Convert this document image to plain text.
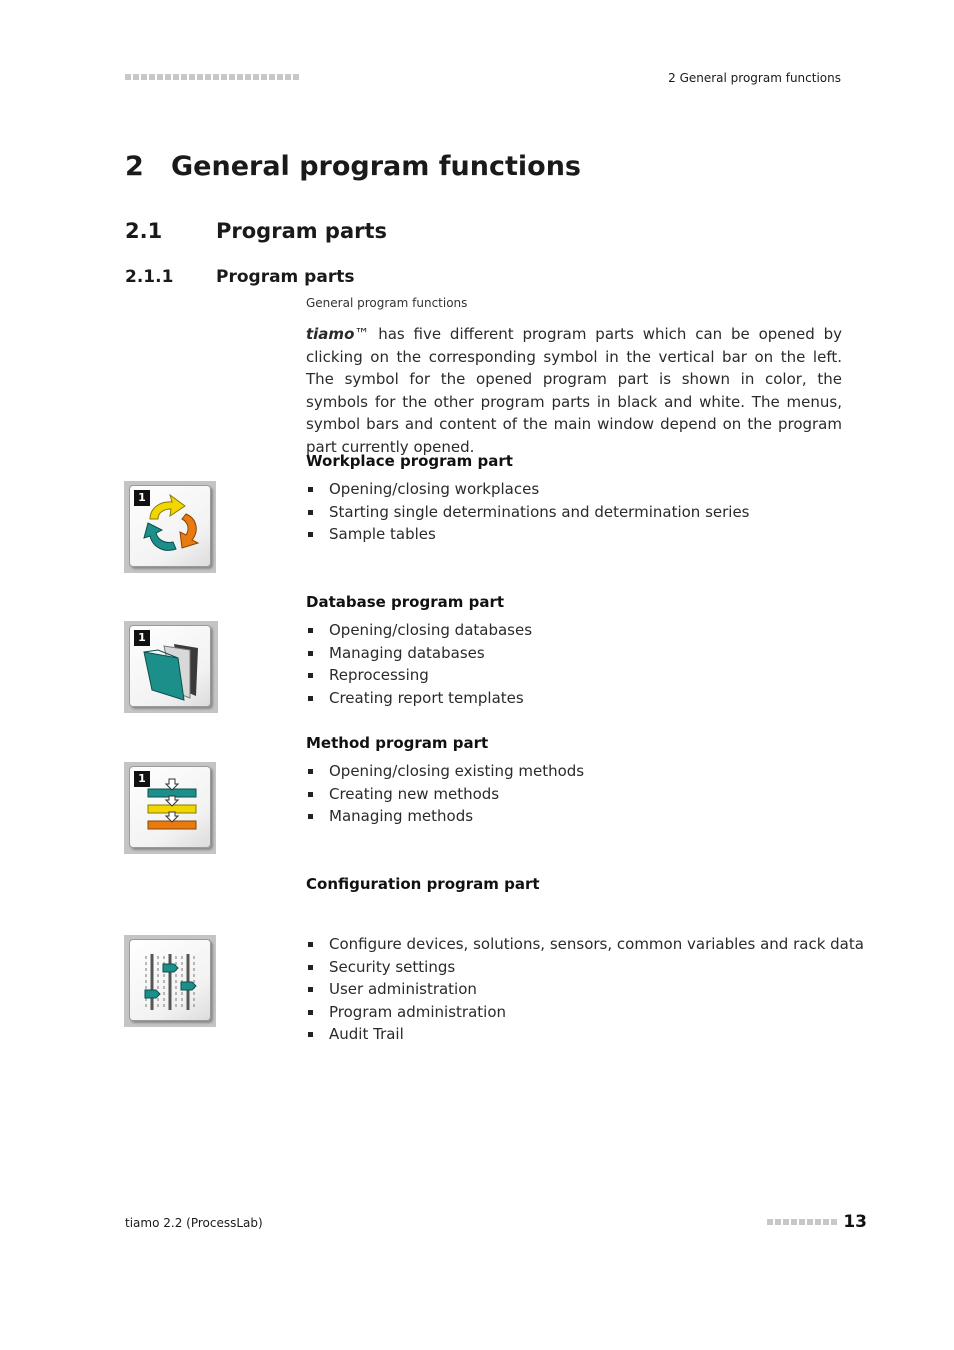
2 General program functions
2 General program functions
2.1	Program parts
2.1.1	Program parts
General program functions
tiamo™ has five different program parts which can be opened by clicking on the corresponding symbol in the vertical bar on the left. The symbol for the opened program part is shown in color, the symbols for the other program parts in black and white. The menus, symbol bars and content of the main window depend on the program part currently opened.
1
Workplace program part
Opening/closing workplaces
Starting single determinations and determination series
Sample tables
1
Database program part
Opening/closing databases
Managing databases
Reprocessing
Creating report templates
1
Method program part
Opening/closing existing methods
Creating new methods
Managing methods
Configuration program part
Configure devices, solutions, sensors, common variables and rack data
Security settings
User administration
Program administration
Audit Trail
tiamo 2.2 (ProcessLab)	13
